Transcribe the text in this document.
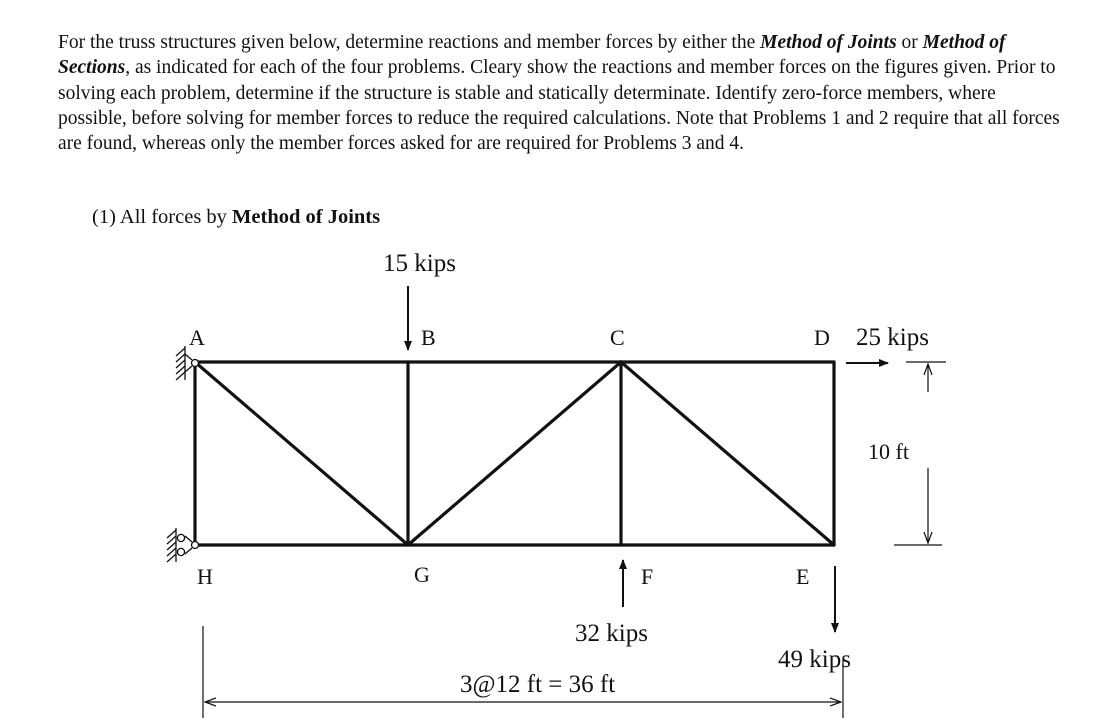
For the truss structures given below, determine reactions and member forces by either the Method of Joints or Method of Sections, as indicated for each of the four problems. Cleary show the reactions and member forces on the figures given. Prior to solving each problem, determine if the structure is stable and statically determinate. Identify zero-force members, where possible, before solving for member forces to reduce the required calculations. Note that Problems 1 and 2 require that all forces are found, whereas only the member forces asked for are required for Problems 3 and 4.

(1) All forces by Method of Joints

A	B	C	D
H	G	F	E
15 kips
25 kips
32 kips
49 kips
10 ft
3@12 ft = 36 ft
